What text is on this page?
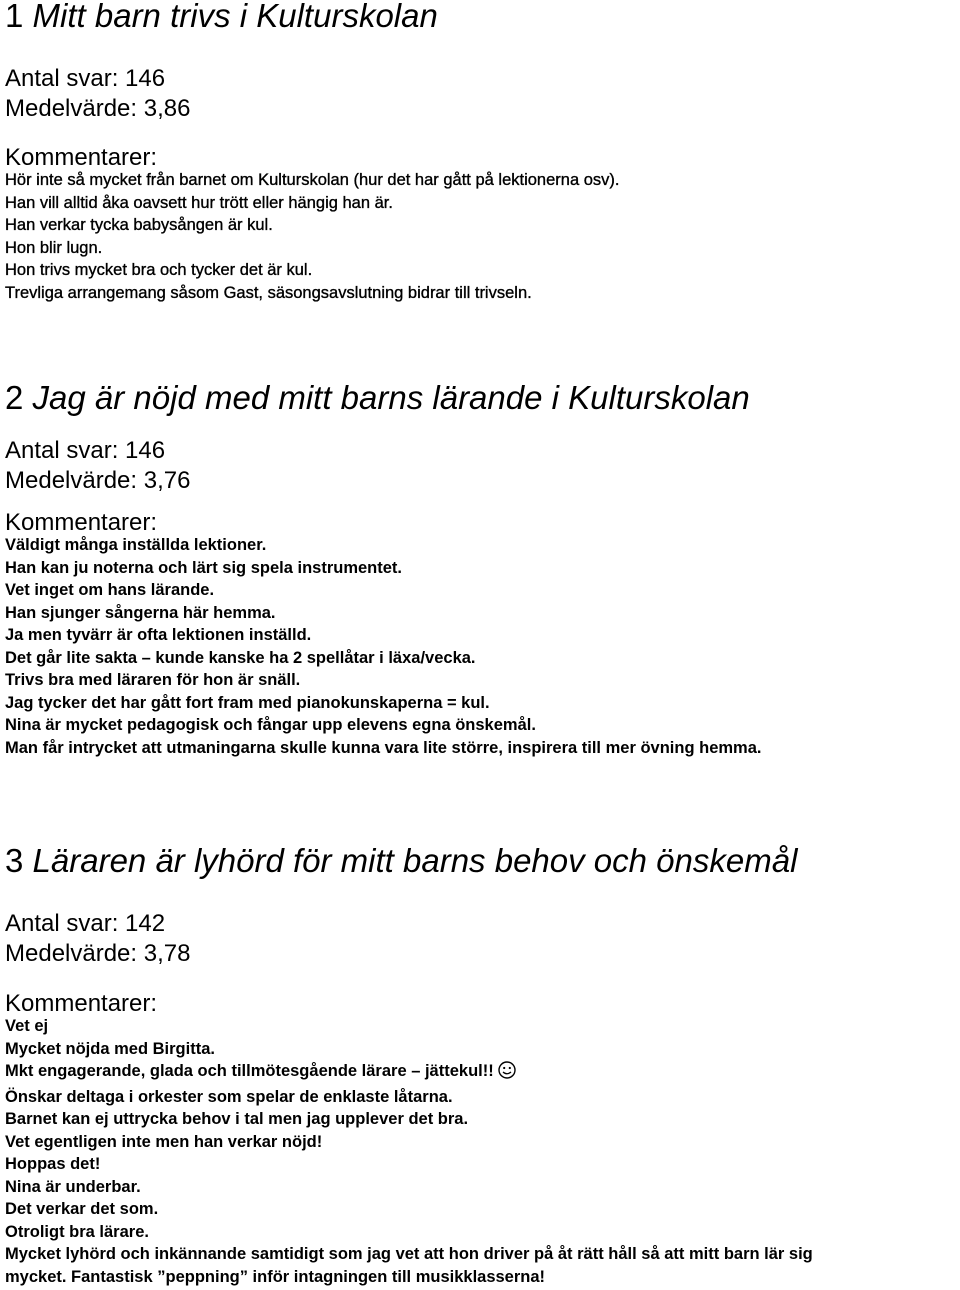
1 Mitt barn trivs i Kulturskolan
Antal svar: 146
Medelvärde: 3,86
Kommentarer:
Hör inte så mycket från barnet om Kulturskolan (hur det har gått på lektionerna osv).
Han vill alltid åka oavsett hur trött eller hängig han är.
Han verkar tycka babysången är kul.
Hon blir lugn.
Hon trivs mycket bra och tycker det är kul.
Trevliga arrangemang såsom Gast, säsongsavslutning bidrar till trivseln.
2 Jag är nöjd med mitt barns lärande i Kulturskolan
Antal svar: 146
Medelvärde: 3,76
Kommentarer:
Väldigt många inställda lektioner.
Han kan ju noterna och lärt sig spela instrumentet.
Vet inget om hans lärande.
Han sjunger sångerna här hemma.
Ja men tyvärr är ofta lektionen inställd.
Det går lite sakta – kunde kanske ha 2 spellåtar i läxa/vecka.
Trivs bra med läraren för hon är snäll.
Jag tycker det har gått fort fram med pianokunskaperna = kul.
Nina är mycket pedagogisk och fångar upp elevens egna önskemål.
Man får intrycket att utmaningarna skulle kunna vara lite större, inspirera till mer övning hemma.
3 Läraren är lyhörd för mitt barns behov och önskemål
Antal svar: 142
Medelvärde: 3,78
Kommentarer:
Vet ej
Mycket nöjda med Birgitta.
Mkt engagerande, glada och tillmötesgående lärare – jättekul!!
Önskar deltaga i orkester som spelar de enklaste låtarna.
Barnet kan ej uttrycka behov i tal men jag upplever det bra.
Vet egentligen inte men han verkar nöjd!
Hoppas det!
Nina är underbar.
Det verkar det som.
Otroligt bra lärare.
Mycket lyhörd och inkännande samtidigt som jag vet att hon driver på åt rätt håll så att mitt barn lär sig
mycket. Fantastisk ”peppning” inför intagningen till musikklasserna!
